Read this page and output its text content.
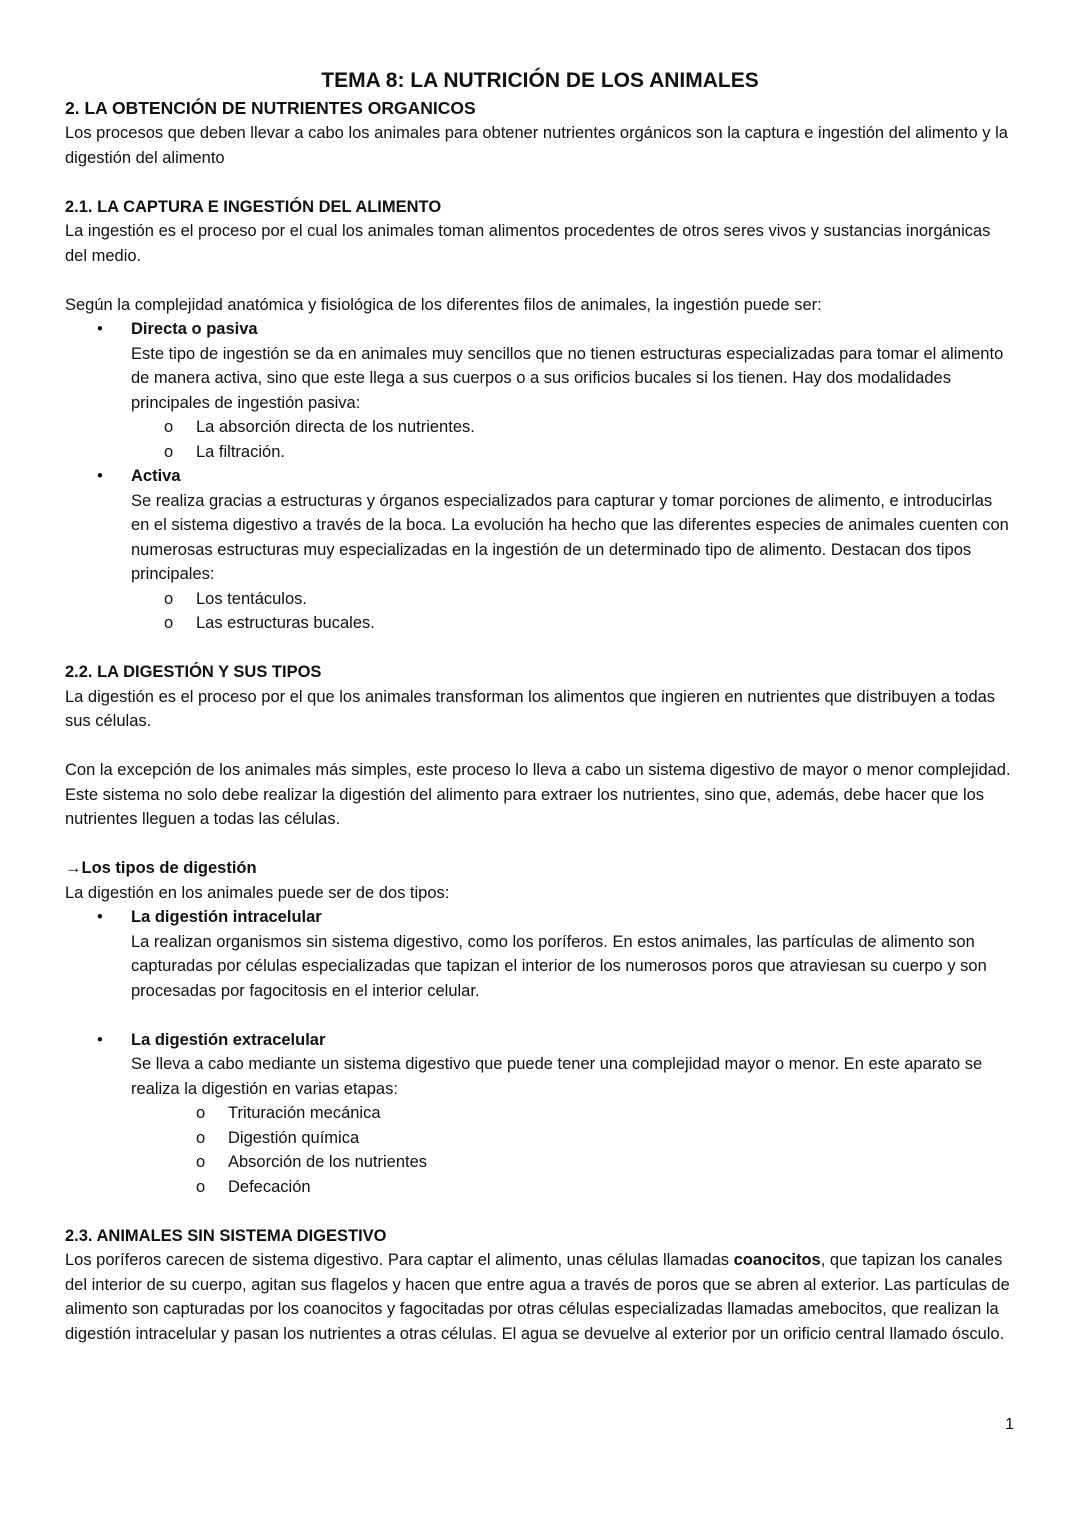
TEMA 8: LA NUTRICIÓN DE LOS ANIMALES
2. LA OBTENCIÓN DE NUTRIENTES ORGANICOS

Los procesos que deben llevar a cabo los animales para obtener nutrientes orgánicos son la captura e ingestión del alimento y la digestión del alimento

2.1. LA CAPTURA E INGESTIÓN DEL ALIMENTO

La ingestión es el proceso por el cual los animales toman alimentos procedentes de otros seres vivos y sustancias inorgánicas del medio.

Según la complejidad anatómica y fisiológica de los diferentes filos de animales, la ingestión puede ser:

• Directa o pasiva
Este tipo de ingestión se da en animales muy sencillos que no tienen estructuras especializadas para tomar el alimento de manera activa, sino que este llega a sus cuerpos o a sus orificios bucales si los tienen. Hay dos modalidades principales de ingestión pasiva:
o La absorción directa de los nutrientes.
o La filtración.
• Activa
Se realiza gracias a estructuras y órganos especializados para capturar y tomar porciones de alimento, e introducirlas en el sistema digestivo a través de la boca. La evolución ha hecho que las diferentes especies de animales cuenten con numerosas estructuras muy especializadas en la ingestión de un determinado tipo de alimento. Destacan dos tipos principales:
o Los tentáculos.
o Las estructuras bucales.
2.2. LA DIGESTIÓN Y SUS TIPOS

La digestión es el proceso por el que los animales transforman los alimentos que ingieren en nutrientes que distribuyen a todas sus células.

Con la excepción de los animales más simples, este proceso lo lleva a cabo un sistema digestivo de mayor o menor complejidad. Este sistema no solo debe realizar la digestión del alimento para extraer los nutrientes, sino que, además, debe hacer que los nutrientes lleguen a todas las células.

→Los tipos de digestión

La digestión en los animales puede ser de dos tipos:

• La digestión intracelular
La realizan organismos sin sistema digestivo, como los poríferos. En estos animales, las partículas de alimento son capturadas por células especializadas que tapizan el interior de los numerosos poros que atraviesan su cuerpo y son procesadas por fagocitosis en el interior celular.
• La digestión extracelular
Se lleva a cabo mediante un sistema digestivo que puede tener una complejidad mayor o menor. En este aparato se realiza la digestión en varias etapas:
o Trituración mecánica
o Digestión química
o Absorción de los nutrientes
o Defecación
2.3. ANIMALES SIN SISTEMA DIGESTIVO

Los poríferos carecen de sistema digestivo. Para captar el alimento, unas células llamadas coanocitos, que tapizan los canales del interior de su cuerpo, agitan sus flagelos y hacen que entre agua a través de poros que se abren al exterior. Las partículas de alimento son capturadas por los coanocitos y fagocitadas por otras células especializadas llamadas amebocitos, que realizan la digestión intracelular y pasan los nutrientes a otras células. El agua se devuelve al exterior por un orificio central llamado ósculo.

1
